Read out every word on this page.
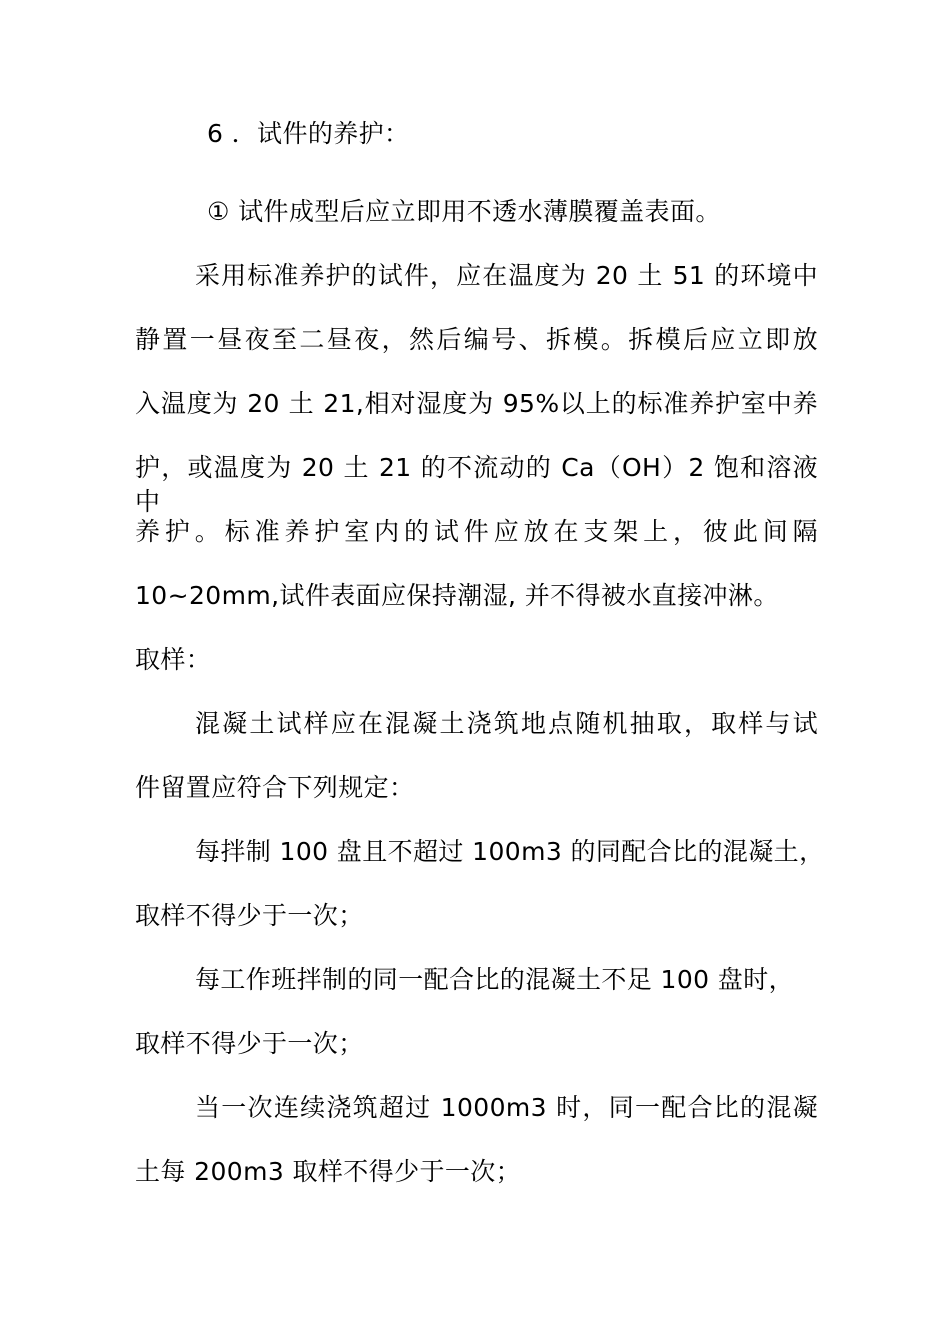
6 ．试件的养护：
① 试件成型后应立即用不透水薄膜覆盖表面。
采用标准养护的试件，应在温度为 20 土 51 的环境中
静置一昼夜至二昼夜，然后编号、拆模。拆模后应立即放
入温度为 20 土 21,相对湿度为 95%以上的标准养护室中养
护，或温度为 20 土 21 的不流动的 Ca（OH）2 饱和溶液中
养护。标准养护室内的试件应放在支架上，彼此间隔
10~20mm,试件表面应保持潮湿, 并不得被水直接冲淋。
取样：
混凝土试样应在混凝土浇筑地点随机抽取，取样与试
件留置应符合下列规定：
每拌制 100 盘且不超过 100m3 的同配合比的混凝土，
取样不得少于一次；
每工作班拌制的同一配合比的混凝土不足 100 盘时，
取样不得少于一次；
当一次连续浇筑超过 1000m3 时，同一配合比的混凝
土每 200m3 取样不得少于一次；
